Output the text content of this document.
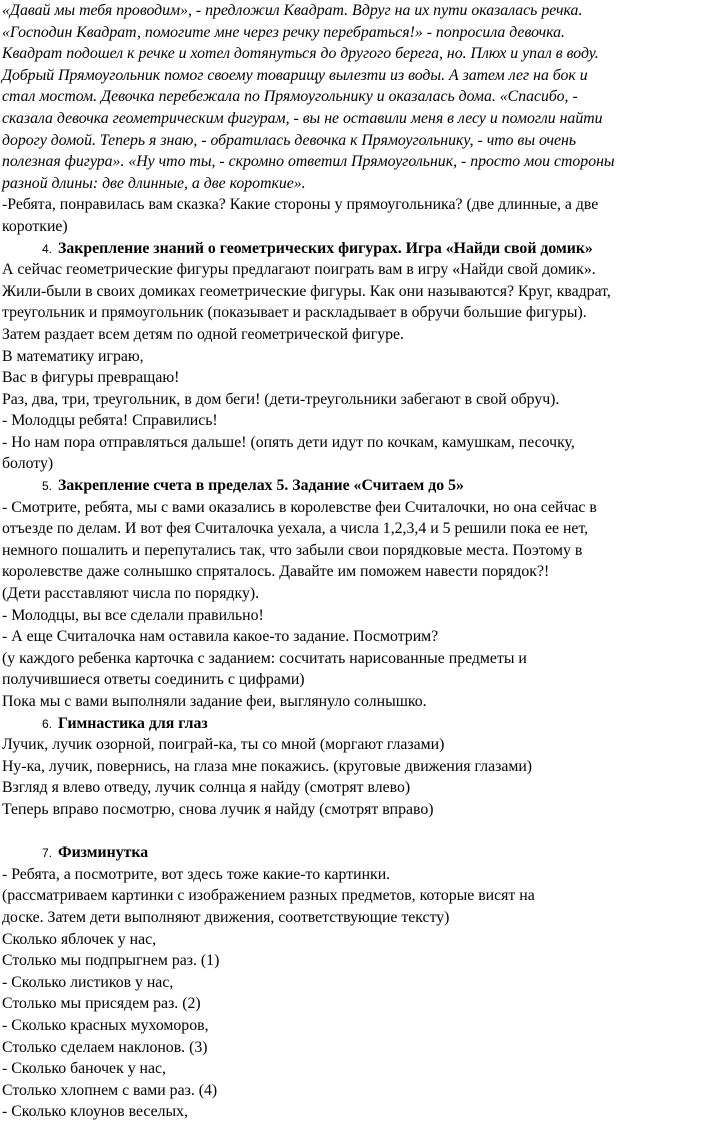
«Давай мы тебя проводим», - предложил Квадрат. Вдруг на их пути оказалась речка.
«Господин Квадрат, помогите мне через речку перебраться!» - попросила девочка.
Квадрат подошел к речке и хотел дотянуться до другого берега, но. Плюх и упал в воду.
Добрый Прямоугольник помог своему товарищу вылезти из воды. А затем лег на бок и
стал мостом. Девочка перебежала по Прямоугольнику и оказалась дома. «Спасибо, -
сказала девочка геометрическим фигурам, - вы не оставили меня в лесу и помогли найти
дорогу домой. Теперь я знаю, - обратилась девочка к Прямоугольнику, - что вы очень
полезная фигура». «Ну что ты, - скромно ответил Прямоугольник, - просто мои стороны
разной длины: две длинные, а две короткие».
-Ребята, понравилась вам сказка? Какие стороны у прямоугольника? (две длинные, а две
короткие)
4. Закрепление знаний о геометрических фигурах. Игра «Найди свой домик»
А сейчас геометрические фигуры предлагают поиграть вам в игру «Найди свой домик».
Жили-были в своих домиках геометрические фигуры. Как они называются? Круг, квадрат,
треугольник и прямоугольник (показывает и раскладывает в обручи большие фигуры).
Затем раздает всем детям по одной геометрической фигуре.
В математику играю,
Вас в фигуры превращаю!
Раз, два, три, треугольник, в дом беги! (дети-треугольники забегают в свой обруч).
- Молодцы ребята! Справились!
- Но нам пора отправляться дальше! (опять дети идут по кочкам, камушкам, песочку,
болоту)
5. Закрепление счета в пределах 5. Задание «Считаем до 5»
- Смотрите, ребята, мы с вами оказались в королевстве феи Считалочки, но она сейчас в
отъезде по делам. И вот фея Считалочка уехала, а числа 1,2,3,4 и 5 решили пока ее нет,
немного пошалить и перепутались так, что забыли свои порядковые места. Поэтому в
королевстве даже солнышко спряталось. Давайте им поможем навести порядок?!
(Дети расставляют числа по порядку).
- Молодцы, вы все сделали правильно!
- А еще Считалочка нам оставила какое-то задание. Посмотрим?
(у каждого ребенка карточка с заданием: сосчитать нарисованные предметы и
получившиеся ответы соединить с цифрами)
Пока мы с вами выполняли задание феи, выглянуло солнышко.
6. Гимнастика для глаз
Лучик, лучик озорной, поиграй-ка, ты со мной (моргают глазами)
Ну-ка, лучик, повернись, на глаза мне покажись. (круговые движения глазами)
Взгляд я влево отведу, лучик солнца я найду (смотрят влево)
Теперь вправо посмотрю, снова лучик я найду (смотрят вправо)
7. Физминутка
- Ребята, а посмотрите, вот здесь тоже какие-то картинки.
(рассматриваем картинки с изображением разных предметов, которые висят на
доске. Затем дети выполняют движения, соответствующие тексту)
Сколько яблочек у нас,
Столько мы подпрыгнем раз. (1)
- Сколько листиков у нас,
Столько мы присядем раз. (2)
- Сколько красных мухоморов,
Столько сделаем наклонов. (3)
- Сколько баночек у нас,
Столько хлопнем с вами раз. (4)
- Сколько клоунов веселых,
